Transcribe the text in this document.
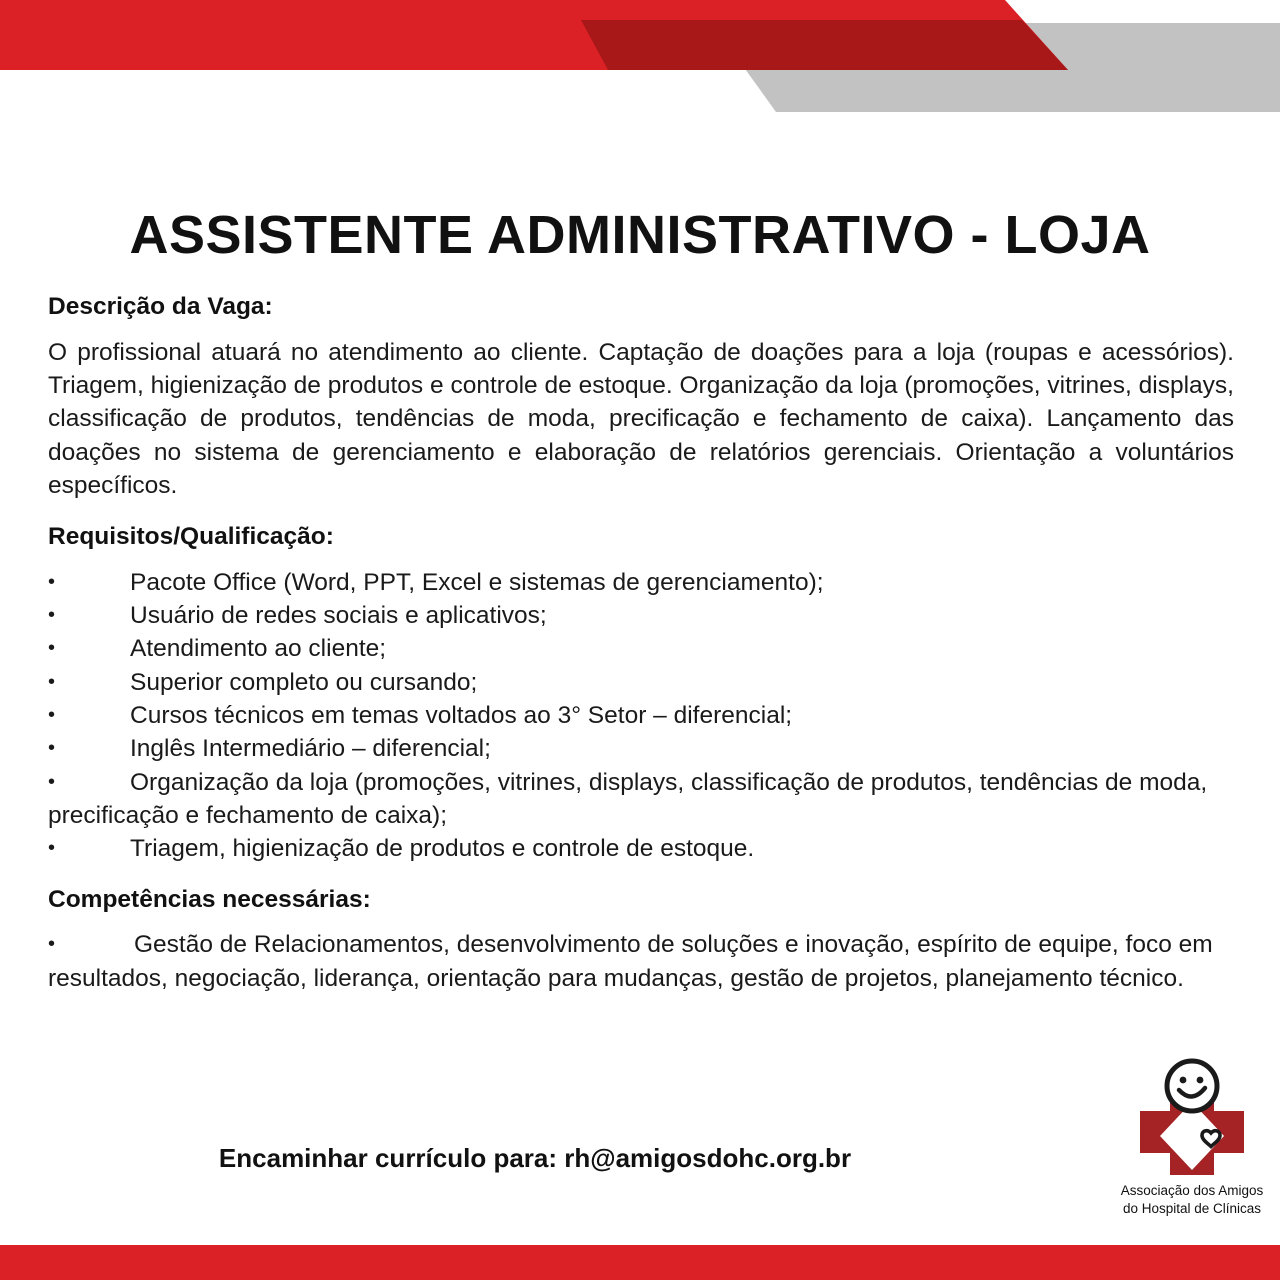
ASSISTENTE ADMINISTRATIVO - LOJA
Descrição da Vaga:

O profissional atuará no atendimento ao cliente. Captação de doações para a loja (roupas e acessórios). Triagem, higienização de produtos e controle de estoque. Organização da loja (promoções, vitrines, displays, classificação de produtos, tendências de moda, precificação e fechamento de caixa). Lançamento das doações no sistema de gerenciamento e elaboração de relatórios gerenciais. Orientação a voluntários específicos.

Requisitos/Qualificação:
•Pacote Office (Word, PPT, Excel e sistemas de gerenciamento);
•Usuário de redes sociais e aplicativos;
•Atendimento ao cliente;
•Superior completo ou cursando;
•Cursos técnicos em temas voltados ao 3° Setor – diferencial;
•Inglês Intermediário – diferencial;
•Organização da loja (promoções, vitrines, displays, classificação de produtos, tendências de moda, precificação e fechamento de caixa);
•Triagem, higienização de produtos e controle de estoque.
Competências necessárias:
•Gestão de Relacionamentos, desenvolvimento de soluções e inovação, espírito de equipe, foco em resultados, negociação, liderança, orientação para mudanças, gestão de projetos, planejamento técnico.
Encaminhar currículo para: rh@amigosdohc.org.br
Associação dos Amigos
do Hospital de Clínicas
